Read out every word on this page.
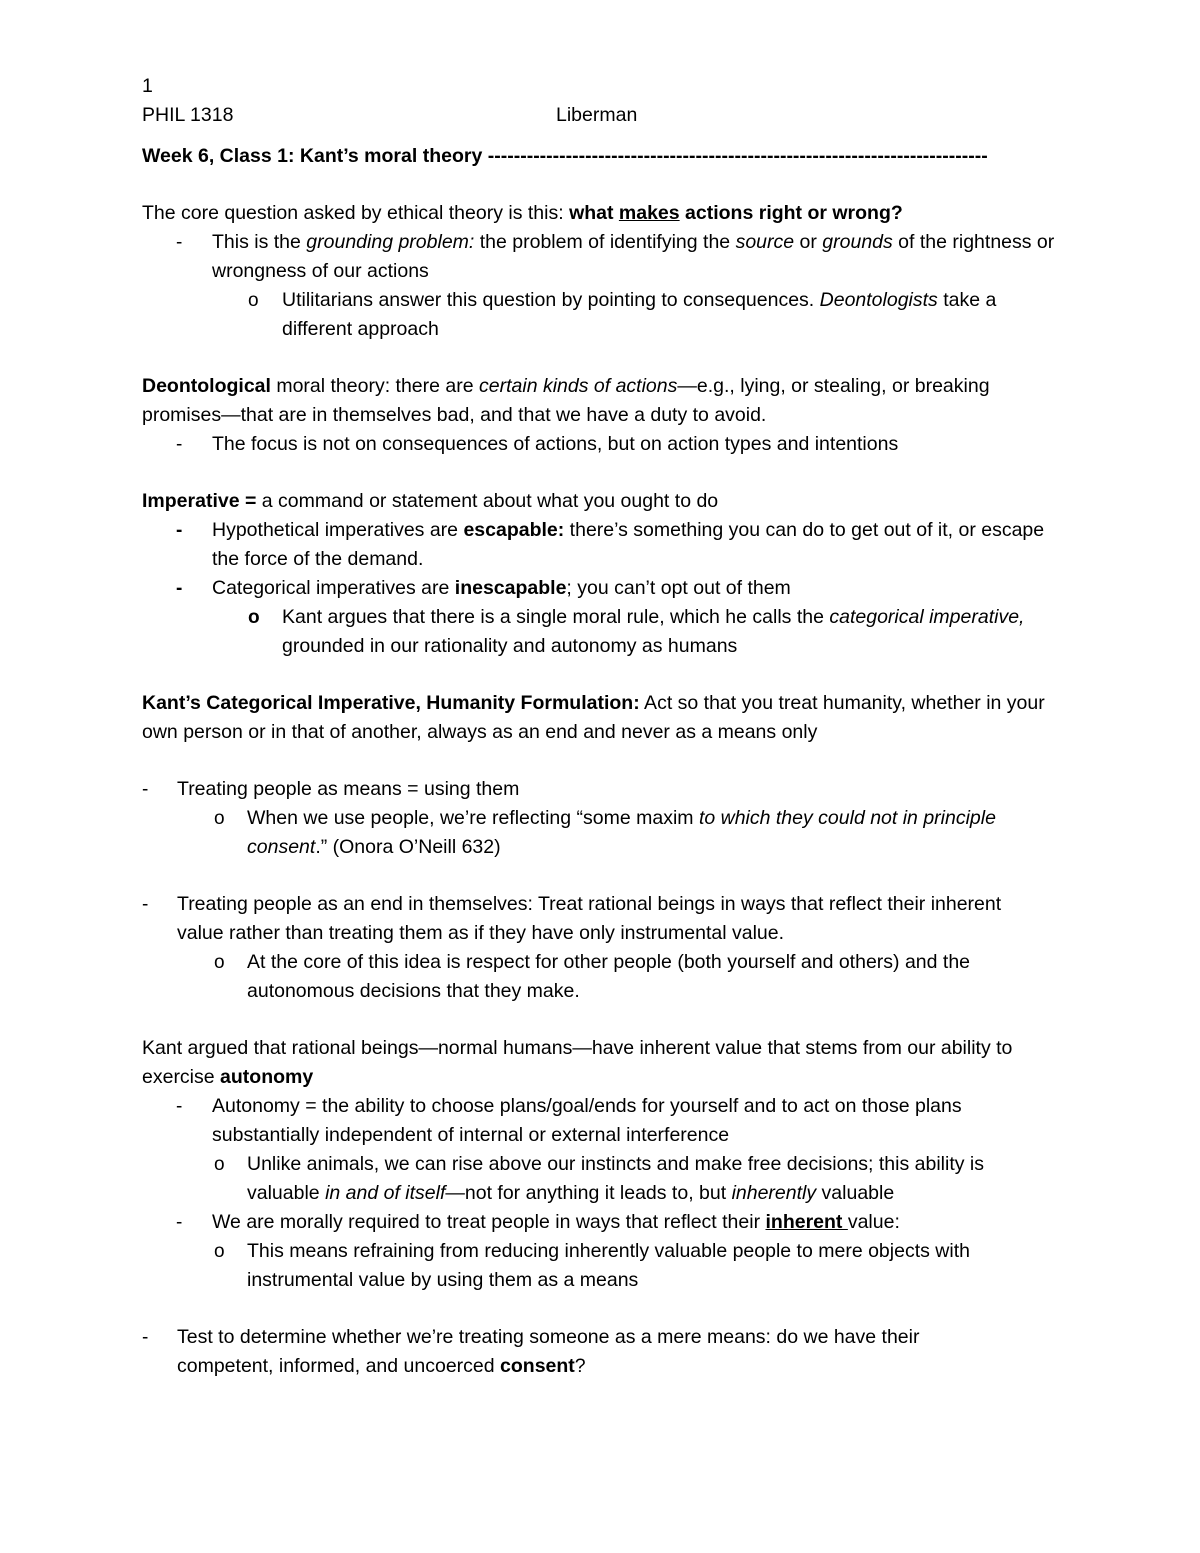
1
PHIL 1318	Liberman
Week 6, Class 1: Kant’s moral theory -----------------------------------------------------------------------------
The core question asked by ethical theory is this: what makes actions right or wrong?
- This is the grounding problem: the problem of identifying the source or grounds of the rightness or wrongness of our actions
o Utilitarians answer this question by pointing to consequences. Deontologists take a different approach
Deontological moral theory: there are certain kinds of actions—e.g., lying, or stealing, or breaking promises—that are in themselves bad, and that we have a duty to avoid.
- The focus is not on consequences of actions, but on action types and intentions
Imperative = a command or statement about what you ought to do
- Hypothetical imperatives are escapable: there’s something you can do to get out of it, or escape the force of the demand.
- Categorical imperatives are inescapable; you can’t opt out of them
o Kant argues that there is a single moral rule, which he calls the categorical imperative, grounded in our rationality and autonomy as humans
Kant’s Categorical Imperative, Humanity Formulation: Act so that you treat humanity, whether in your own person or in that of another, always as an end and never as a means only
- Treating people as means = using them
o When we use people, we’re reflecting “some maxim to which they could not in principle consent.” (Onora O’Neill 632)
- Treating people as an end in themselves: Treat rational beings in ways that reflect their inherent value rather than treating them as if they have only instrumental value.
o At the core of this idea is respect for other people (both yourself and others) and the autonomous decisions that they make.
Kant argued that rational beings—normal humans—have inherent value that stems from our ability to exercise autonomy
- Autonomy = the ability to choose plans/goal/ends for yourself and to act on those plans substantially independent of internal or external interference
o Unlike animals, we can rise above our instincts and make free decisions; this ability is valuable in and of itself—not for anything it leads to, but inherently valuable
- We are morally required to treat people in ways that reflect their inherent value:
o This means refraining from reducing inherently valuable people to mere objects with instrumental value by using them as a means
- Test to determine whether we’re treating someone as a mere means: do we have their competent, informed, and uncoerced consent?
